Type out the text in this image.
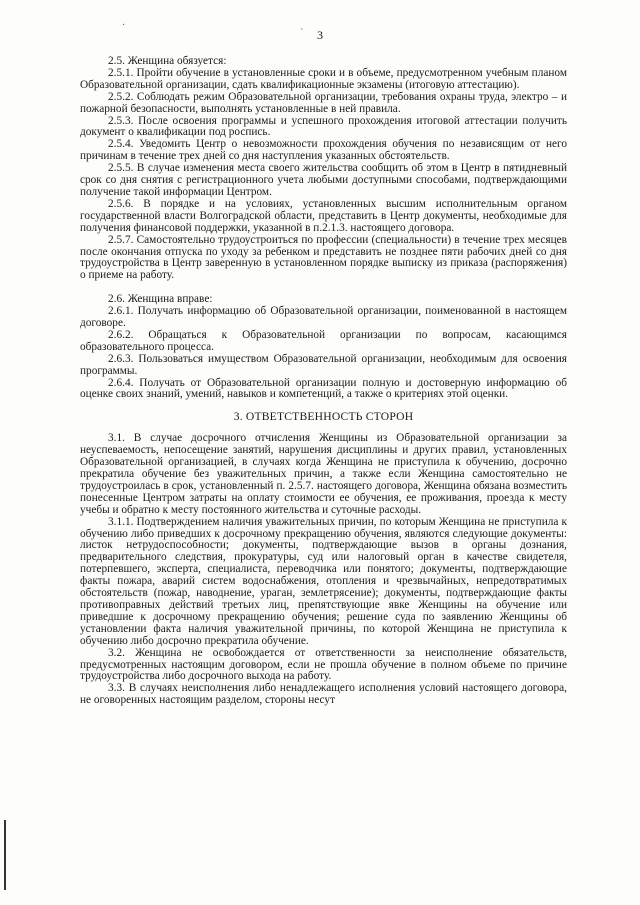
·
`	3

2.5. Женщина обязуется:

2.5.1. Пройти обучение в установленные сроки и в объеме, предусмотренном учебным планом Образовательной организации, сдать квалификационные экзамены (итоговую аттестацию).

2.5.2. Соблюдать режим Образовательной организации, требования охраны труда, электро – и пожарной безопасности, выполнять установленные в ней правила.

2.5.3. После освоения программы и успешного прохождения итоговой аттестации получить документ о квалификации под роспись.

2.5.4. Уведомить Центр о невозможности прохождения обучения по независящим от него причинам в течение трех дней со дня наступления указанных обстоятельств.

2.5.5. В случае изменения места своего жительства сообщить об этом в Центр в пятидневный срок со дня снятия с регистрационного учета любыми доступными способами, подтверждающими получение такой информации Центром.

2.5.6. В порядке и на условиях, установленных высшим исполнительным органом государственной власти Волгоградской области, представить в Центр документы, необходимые для получения финансовой поддержки, указанной в п.2.1.3. настоящего договора.

2.5.7. Самостоятельно трудоустроиться по профессии (специальности) в течение трех месяцев после окончания отпуска по уходу за ребенком и представить не позднее пяти рабочих дней со дня трудоустройства в Центр заверенную в установленном порядке выписку из приказа (распоряжения) о приеме на работу.

2.6. Женщина вправе:

2.6.1. Получать информацию об Образовательной организации, поименованной в настоящем договоре.

2.6.2. Обращаться к Образовательной организации по вопросам, касающимся образовательного процесса.

2.6.3. Пользоваться имуществом Образовательной организации, необходимым для освоения программы.

2.6.4. Получать от Образовательной организации полную и достоверную информацию об оценке своих знаний, умений, навыков и компетенций, а также о критериях этой оценки.

3. ОТВЕТСТВЕННОСТЬ СТОРОН

3.1. В случае досрочного отчисления Женщины из Образовательной организации за неуспеваемость, непосещение занятий, нарушения дисциплины и других правил, установленных Образовательной организацией, в случаях когда Женщина не приступила к обучению, досрочно прекратила обучение без уважительных причин, а также если Женщина самостоятельно не трудоустроилась в срок, установленный п. 2.5.7. настоящего договора, Женщина обязана возместить понесенные Центром затраты на оплату стоимости ее обучения, ее проживания, проезда к месту учебы и обратно к месту постоянного жительства и суточные расходы.

3.1.1. Подтверждением наличия уважительных причин, по которым Женщина не приступила к обучению либо приведших к досрочному прекращению обучения, являются следующие документы: листок нетрудоспособности; документы, подтверждающие вызов в органы дознания, предварительного следствия, прокуратуры, суд или налоговый орган в качестве свидетеля, потерпевшего, эксперта, специалиста, переводчика или понятого; документы, подтверждающие факты пожара, аварий систем водоснабжения, отопления и чрезвычайных, непредотвратимых обстоятельств (пожар, наводнение, ураган, землетрясение); документы, подтверждающие факты противоправных действий третьих лиц, препятствующие явке Женщины на обучение или приведшие к досрочному прекращению обучения; решение суда по заявлению Женщины об установлении факта наличия уважительной причины, по которой Женщина не приступила к обучению либо досрочно прекратила обучение.

3.2. Женщина не освобождается от ответственности за неисполнение обязательств, предусмотренных настоящим договором, если не прошла обучение в полном объеме по причине трудоустройства либо досрочного выхода на работу.

3.3. В случаях неисполнения либо ненадлежащего исполнения условий настоящего договора, не оговоренных настоящим разделом, стороны несут
